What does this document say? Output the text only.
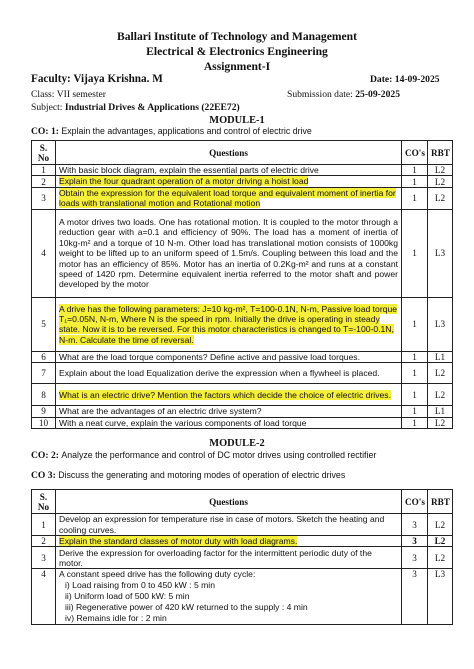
Ballari Institute of Technology and Management
Electrical & Electronics Engineering
Assignment-I
Faculty: Vijaya Krishna. M	Date: 14-09-2025
Class: VII semester	Submission date: 25-09-2025
Subject: Industrial Drives & Applications (22EE72)
MODULE-1
CO: 1: Explain the advantages, applications and control of electric drive
S.
No	Questions	CO's	RBT
1	With basic block diagram, explain the essential parts of electric drive	1	L2
2	Explain the four quadrant operation of a motor driving a hoist load	1	L2
3	Obtain the expression for the equivalent load torque and equivalent moment of inertia for loads with translational motion and Rotational motion	1	L2
4	A motor drives two loads. One has rotational motion. It is coupled to the motor through a reduction gear with a=0.1 and efficiency of 90%. The load has a moment of inertia of 10kg-m² and a torque of 10 N-m. Other load has translational motion consists of 1000kg weight to be lifted up to an uniform speed of 1.5m/s. Coupling between this load and the motor has an efficiency of 85%. Motor has an inertia of 0.2Kg-m² and runs at a constant speed of 1420 rpm. Determine equivalent inertia referred to the motor shaft and power developed by the motor	1	L3
5	A drive has the following parameters: J=10 kg-m², T=100-0.1N, N-m, Passive load torque T₁=0.05N, N-m, Where N is the speed in rpm. Initially the drive is operating in steady state. Now it is to be reversed. For this motor characteristics is changed to T=-100-0.1N, N-m. Calculate the time of reversal.	1	L3
6	What are the load torque components? Define active and passive load torques.	1	L1
7	Explain about the load Equalization derive the expression when a flywheel is placed.	1	L2
8	What is an electric drive? Mention the factors which decide the choice of electric drives.	1	L2
9	What are the advantages of an electric drive system?	1	L1
10	With a neat curve, explain the various components of load torque	1	L2
MODULE-2
CO: 2: Analyze the performance and control of DC motor drives using controlled rectifier
CO 3: Discuss the generating and motoring modes of operation of electric drives
S.
No	Questions	CO's	RBT
1	Develop an expression for temperature rise in case of motors. Sketch the heating and cooling curves.	3	L2
2	Explain the standard classes of motor duty with load diagrams.	3	L2
3	Derive the expression for overloading factor for the intermittent periodic duty of the motor.	3	L2
4	A constant speed drive has the following duty cycle:
i) Load raising from 0 to 450 kW : 5 min
ii) Uniform load of 500 kW: 5 min
iii) Regenerative power of 420 kW returned to the supply : 4 min
iv) Remains idle for : 2 min	3	L3
